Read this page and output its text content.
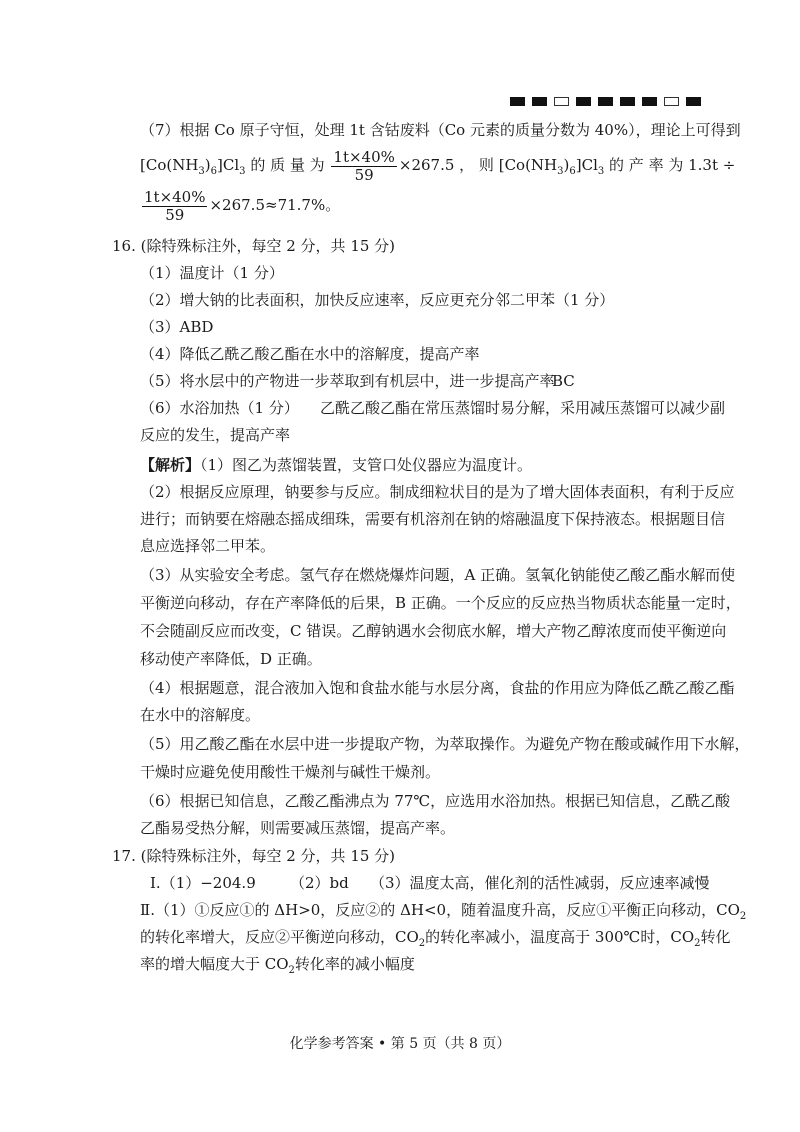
（7）根据 Co 原子守恒，处理 1t 含钴废料（Co 元素的质量分数为 40%），理论上可得到
$[Co(NH_3)_6]Cl_3$ 的 质 量 为 $\frac{1t\times 40\%}{59} \times 267.5$ ， 则 $[Co(NH_3)_6]Cl_3$ 的 产 率 为 1.3t ÷
$\frac{1t\times 40\%}{59} \times 267.5\approx 71.7\%$。
16. (除特殊标注外，每空 2 分，共 15 分)
（1）温度计（1 分）
（2）增大钠的比表面积，加快反应速率，反应更充分 邻二甲苯（1 分）
（3）ABD
（4）降低乙酰乙酸乙酯在水中的溶解度，提高产率
（5）将水层中的产物进一步萃取到有机层中，进一步提高产率
BC
（6）水浴加热（1 分） 乙酰乙酸乙酯在常压蒸馏时易分解，采用减压蒸馏可以减少副
反应的发生，提高产率
【解析】（1）图乙为蒸馏装置，支管口处仪器应为温度计。
（2）根据反应原理，钠要参与反应。制成细粒状目的是为了增大固体表面积，有利于反应
进行；而钠要在熔融态摇成细珠，需要有机溶剂在钠的熔融温度下保持液态。根据题目信
息应选择邻二甲苯。
（3）从实验安全考虑。氢气存在燃烧爆炸问题，A 正确。氢氧化钠能使乙酸乙酯水解而使
平衡逆向移动，存在产率降低的后果，B 正确。一个反应的反应热当物质状态能量一定时，
不会随副反应而改变，C 错误。乙醇钠遇水会彻底水解，增大产物乙醇浓度而使平衡逆向
移动使产率降低，D 正确。
（4）根据题意，混合液加入饱和食盐水能与水层分离，食盐的作用应为降低乙酰乙酸乙酯
在水中的溶解度。
（5）用乙酸乙酯在水层中进一步提取产物，为萃取操作。为避免产物在酸或碱作用下水解，
干燥时应避免使用酸性干燥剂与碱性干燥剂。
（6）根据已知信息，乙酸乙酯沸点为 77℃，应选用水浴加热。根据已知信息，乙酰乙酸
乙酯易受热分解，则需要减压蒸馏，提高产率。
17. (除特殊标注外，每空 2 分，共 15 分)
Ⅰ.（1）−204.9 （2）bd （3）温度太高，催化剂的活性减弱，反应速率减慢
Ⅱ.（1）①反应①的 ΔH>0，反应②的 ΔH<0，随着温度升高，反应①平衡正向移动，$CO_2$
的转化率增大，反应②平衡逆向移动，$CO_2$的转化率减小，温度高于 300℃时，$CO_2$转化
率的增大幅度大于 $CO_2$转化率的减小幅度
化学参考答案 • 第 5 页（共 8 页）
